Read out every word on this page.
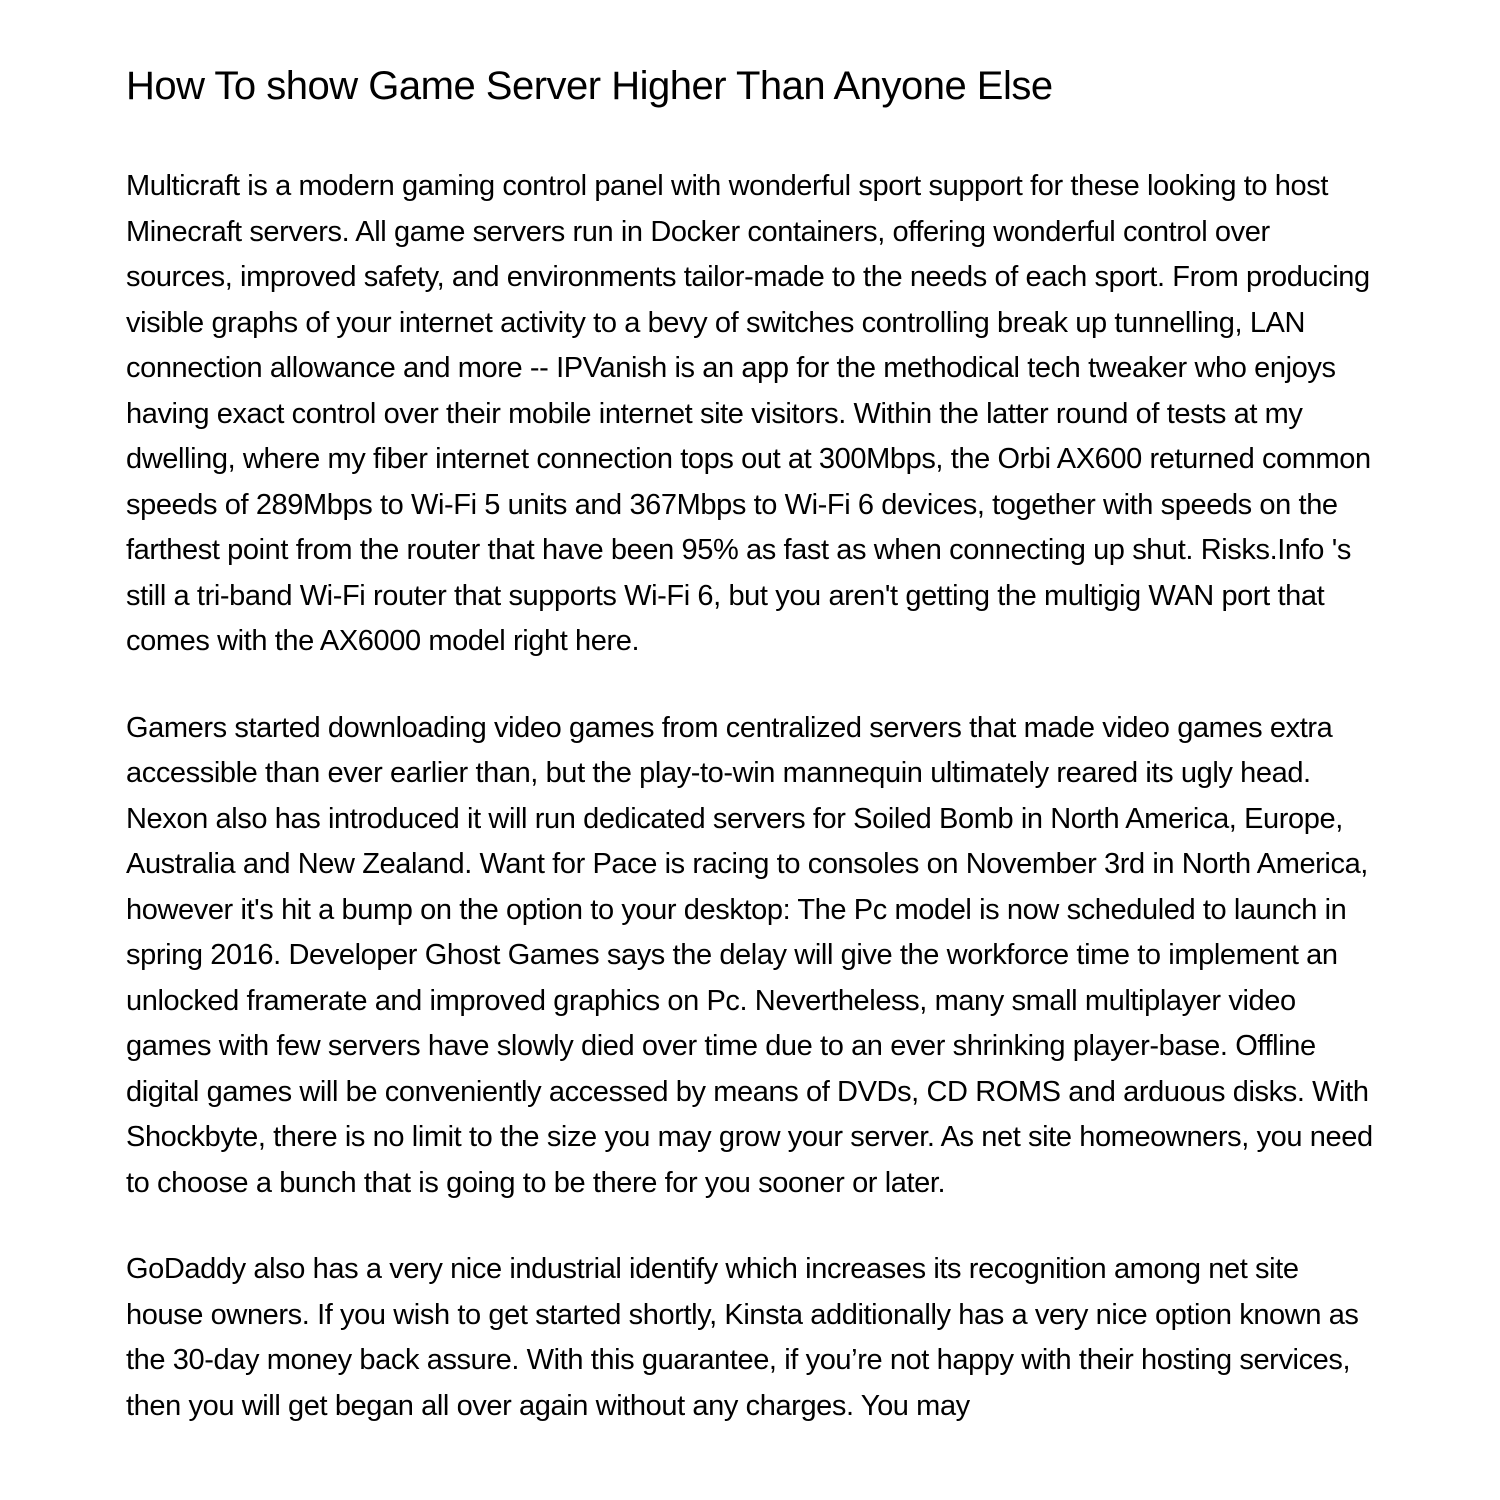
How To show Game Server Higher Than Anyone Else

Multicraft is a modern gaming control panel with wonderful sport support for these looking to host Minecraft servers. All game servers run in Docker containers, offering wonderful control over sources, improved safety, and environments tailor-made to the needs of each sport. From producing visible graphs of your internet activity to a bevy of switches controlling break up tunnelling, LAN connection allowance and more -- IPVanish is an app for the methodical tech tweaker who enjoys having exact control over their mobile internet site visitors. Within the latter round of tests at my dwelling, where my fiber internet connection tops out at 300Mbps, the Orbi AX600 returned common speeds of 289Mbps to Wi-Fi 5 units and 367Mbps to Wi-Fi 6 devices, together with speeds on the farthest point from the router that have been 95% as fast as when connecting up shut. Risks.Info 's still a tri-band Wi-Fi router that supports Wi-Fi 6, but you aren't getting the multigig WAN port that comes with the AX6000 model right here.

Gamers started downloading video games from centralized servers that made video games extra accessible than ever earlier than, but the play-to-win mannequin ultimately reared its ugly head. Nexon also has introduced it will run dedicated servers for Soiled Bomb in North America, Europe, Australia and New Zealand. Want for Pace is racing to consoles on November 3rd in North America, however it's hit a bump on the option to your desktop: The Pc model is now scheduled to launch in spring 2016. Developer Ghost Games says the delay will give the workforce time to implement an unlocked framerate and improved graphics on Pc. Nevertheless, many small multiplayer video games with few servers have slowly died over time due to an ever shrinking player-base. Offline digital games will be conveniently accessed by means of DVDs, CD ROMS and arduous disks. With Shockbyte, there is no limit to the size you may grow your server. As net site homeowners, you need to choose a bunch that is going to be there for you sooner or later.

GoDaddy also has a very nice industrial identify which increases its recognition among net site house owners. If you wish to get started shortly, Kinsta additionally has a very nice option known as the 30-day money back assure. With this guarantee, if you’re not happy with their hosting services, then you will get began all over again without any charges. You may
